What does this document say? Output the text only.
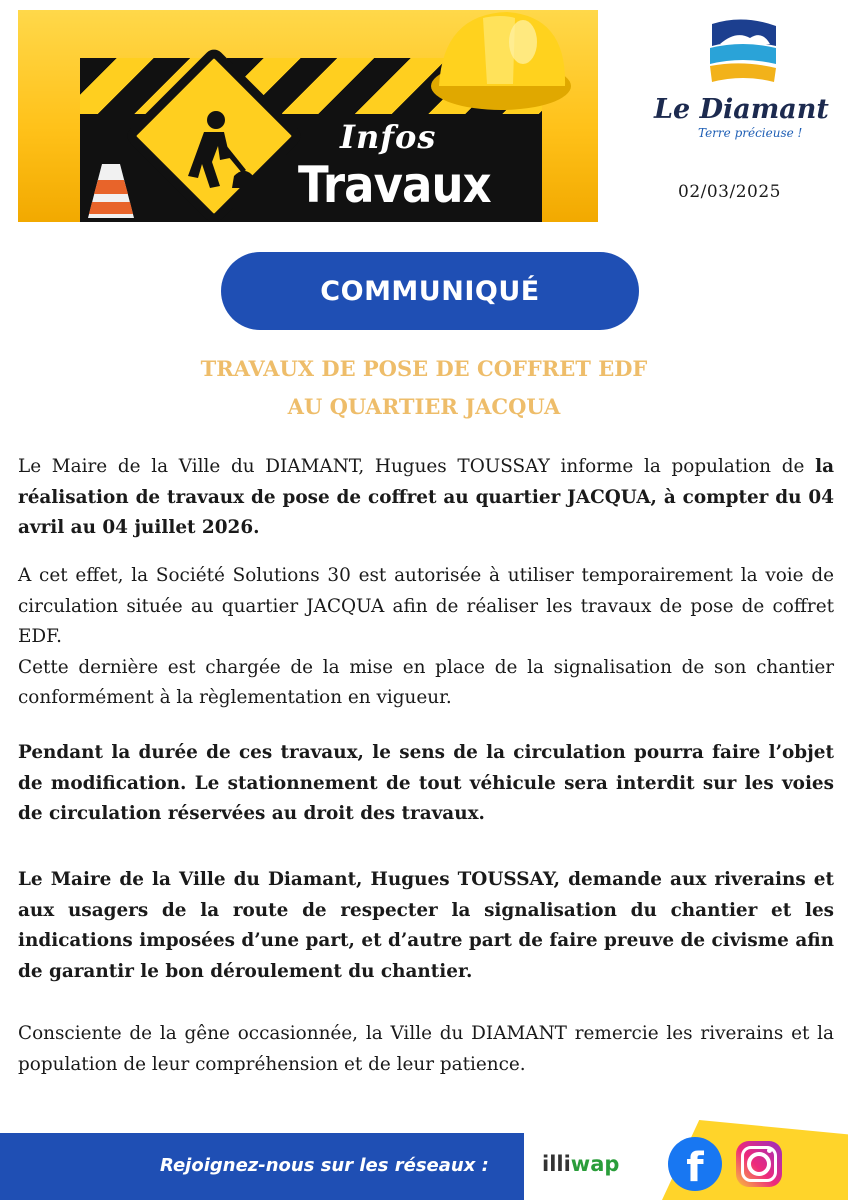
Infos
Travaux
Le Diamant
Terre précieuse !
02/03/2025
COMMUNIQUÉ
TRAVAUX DE POSE DE COFFRET EDF
AU QUARTIER JACQUA
Le Maire de la Ville du DIAMANT, Hugues TOUSSAY informe la population de la réalisation de travaux de pose de coffret au quartier JACQUA, à compter du 04 avril au 04 juillet 2026.
A cet effet, la Société Solutions 30 est autorisée à utiliser temporairement la voie de circulation située au quartier JACQUA afin de réaliser les travaux de pose de coffret EDF.
Cette dernière est chargée de la mise en place de la signalisation de son chantier conformément à la règlementation en vigueur.
Pendant la durée de ces travaux, le sens de la circulation pourra faire l’objet de modification. Le stationnement de tout véhicule sera interdit sur les voies de circulation réservées au droit des travaux.
Le Maire de la Ville du Diamant, Hugues TOUSSAY, demande aux riverains et aux usagers de la route de respecter la signalisation du chantier et les indications imposées d’une part, et d’autre part de faire preuve de civisme afin de garantir le bon déroulement du chantier.
Consciente de la gêne occasionnée, la Ville du DIAMANT remercie les riverains et la population de leur compréhension et de leur patience.
Rejoignez-nous sur les réseaux :	illiwap f
